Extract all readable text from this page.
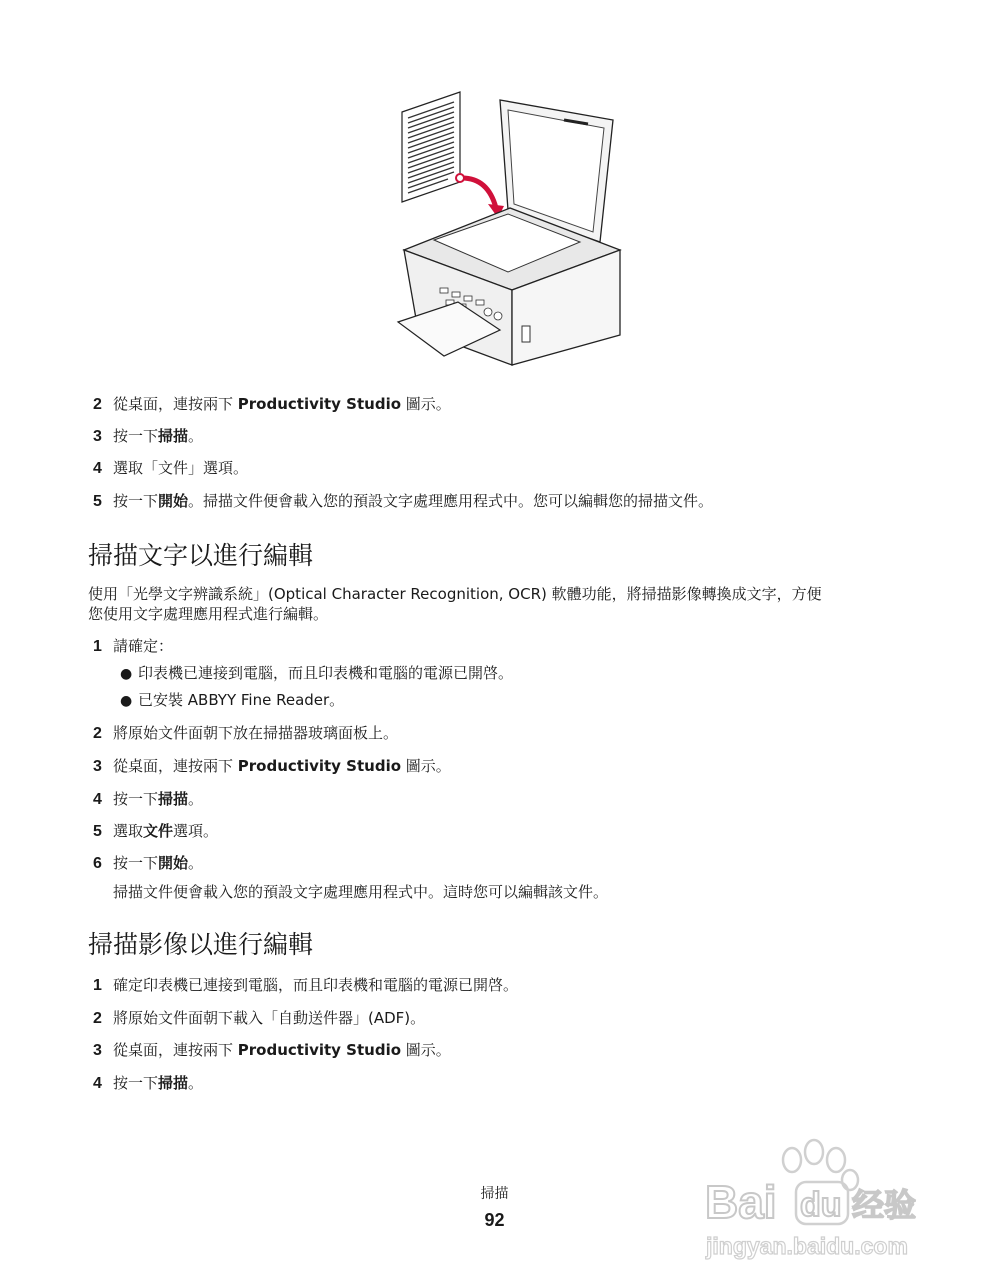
2 從桌面，連按兩下 Productivity Studio 圖示。
3 按一下掃描。
4 選取「文件」選項。
5 按一下開始。掃描文件便會載入您的預設文字處理應用程式中。您可以編輯您的掃描文件。
掃描文字以進行編輯
使用「光學文字辨識系統」(Optical Character Recognition, OCR) 軟體功能，將掃描影像轉換成文字，方便
您使用文字處理應用程式進行編輯。
1 請確定：
● 印表機已連接到電腦，而且印表機和電腦的電源已開啓。
● 已安裝 ABBYY Fine Reader。
2 將原始文件面朝下放在掃描器玻璃面板上。
3 從桌面，連按兩下 Productivity Studio 圖示。
4 按一下掃描。
5 選取文件選項。
6 按一下開始。
掃描文件便會載入您的預設文字處理應用程式中。這時您可以編輯該文件。
掃描影像以進行編輯
1 確定印表機已連接到電腦，而且印表機和電腦的電源已開啓。
2 將原始文件面朝下載入「自動送件器」(ADF)。
3 從桌面，連按兩下 Productivity Studio 圖示。
4 按一下掃描。
掃描
92	Bai du 经验
jingyan.baidu.com
